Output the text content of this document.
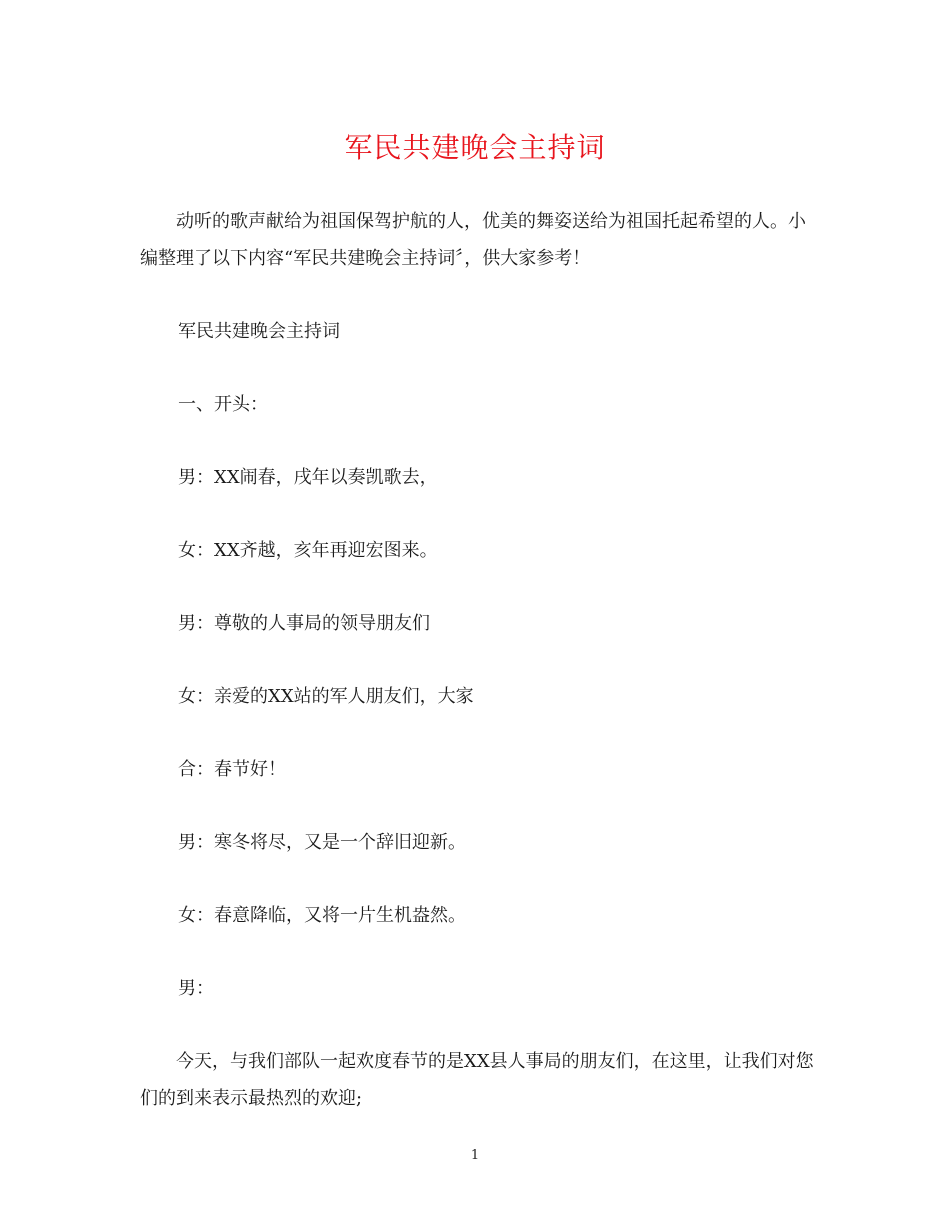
军民共建晚会主持词

动听的歌声献给为祖国保驾护航的人，优美的舞姿送给为祖国托起希望的人。小编整理了以下内容“军民共建晚会主持词〞，供大家参考！

军民共建晚会主持词

一、开头：

男：XX闹春，戌年以奏凯歌去，

女：XX齐越，亥年再迎宏图来。

男：尊敬的人事局的领导朋友们

女：亲爱的XX站的军人朋友们，大家

合：春节好！

男：寒冬将尽，又是一个辞旧迎新。

女：春意降临，又将一片生机盎然。

男：

今天，与我们部队一起欢度春节的是XX县人事局的朋友们，在这里，让我们对您们的到来表示最热烈的欢迎;

1
